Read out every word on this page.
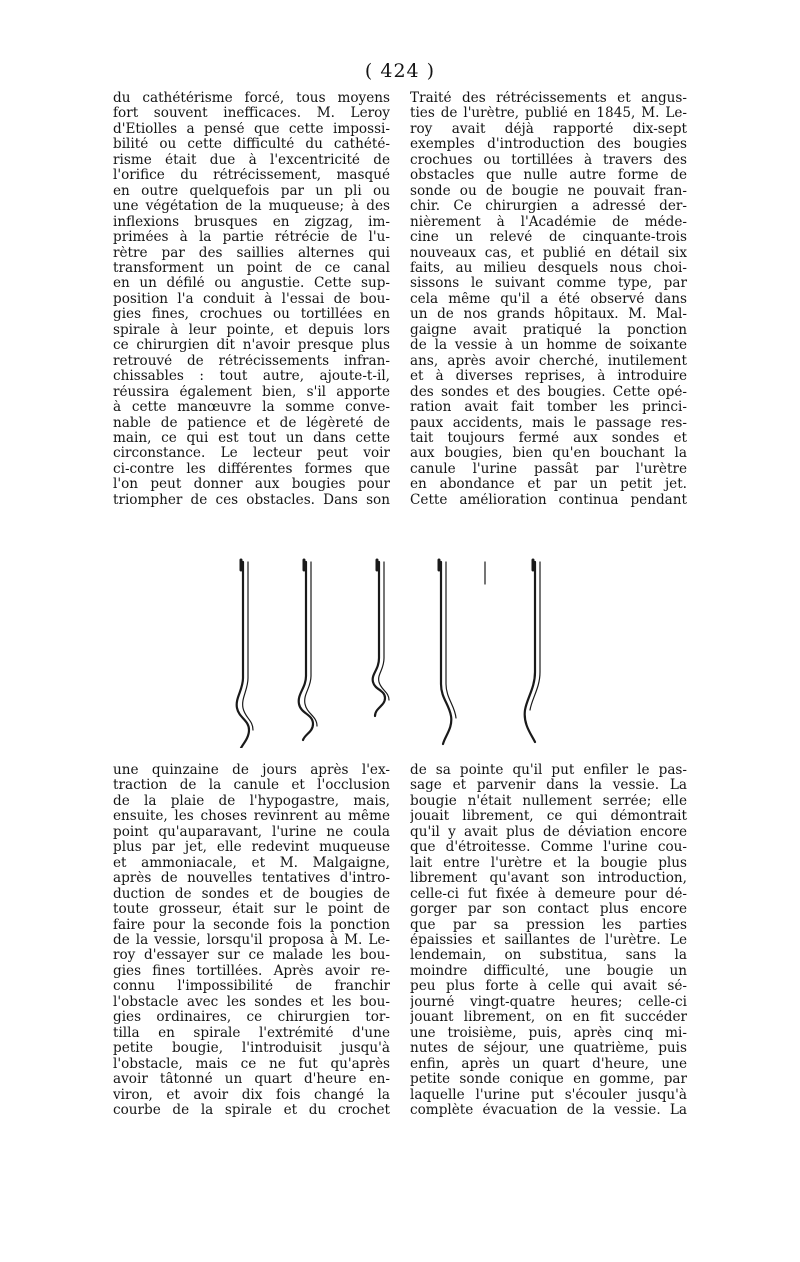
( 424 )
du cathétérisme forcé, tous moyens
fort souvent inefficaces. M. Leroy
d'Etiolles a pensé que cette impossi-
bilité ou cette difficulté du cathété-
risme était due à l'excentricité de
l'orifice du rétrécissement, masqué
en outre quelquefois par un pli ou
une végétation de la muqueuse; à des
inflexions brusques en zigzag, im-
primées à la partie rétrécie de l'u-
rètre par des saillies alternes qui
transforment un point de ce canal
en un défilé ou angustie. Cette sup-
position l'a conduit à l'essai de bou-
gies fines, crochues ou tortillées en
spirale à leur pointe, et depuis lors
ce chirurgien dit n'avoir presque plus
retrouvé de rétrécissements infran-
chissables : tout autre, ajoute-t-il,
réussira également bien, s'il apporte
à cette manœuvre la somme conve-
nable de patience et de légèreté de
main, ce qui est tout un dans cette
circonstance. Le lecteur peut voir
ci-contre les différentes formes que
l'on peut donner aux bougies pour
triompher de ces obstacles. Dans son
Traité des rétrécissements et angus-
ties de l'urètre, publié en 1845, M. Le-
roy avait déjà rapporté dix-sept
exemples d'introduction des bougies
crochues ou tortillées à travers des
obstacles que nulle autre forme de
sonde ou de bougie ne pouvait fran-
chir. Ce chirurgien a adressé der-
nièrement à l'Académie de méde-
cine un relevé de cinquante-trois
nouveaux cas, et publié en détail six
faits, au milieu desquels nous choi-
sissons le suivant comme type, par
cela même qu'il a été observé dans
un de nos grands hôpitaux. M. Mal-
gaigne avait pratiqué la ponction
de la vessie à un homme de soixante
ans, après avoir cherché, inutilement
et à diverses reprises, à introduire
des sondes et des bougies. Cette opé-
ration avait fait tomber les princi-
paux accidents, mais le passage res-
tait toujours fermé aux sondes et
aux bougies, bien qu'en bouchant la
canule l'urine passât par l'urètre
en abondance et par un petit jet.
Cette amélioration continua pendant
une quinzaine de jours après l'ex-
traction de la canule et l'occlusion
de la plaie de l'hypogastre, mais,
ensuite, les choses revinrent au même
point qu'auparavant, l'urine ne coula
plus par jet, elle redevint muqueuse
et ammoniacale, et M. Malgaigne,
après de nouvelles tentatives d'intro-
duction de sondes et de bougies de
toute grosseur, était sur le point de
faire pour la seconde fois la ponction
de la vessie, lorsqu'il proposa à M. Le-
roy d'essayer sur ce malade les bou-
gies fines tortillées. Après avoir re-
connu l'impossibilité de franchir
l'obstacle avec les sondes et les bou-
gies ordinaires, ce chirurgien tor-
tilla en spirale l'extrémité d'une
petite bougie, l'introduisit jusqu'à
l'obstacle, mais ce ne fut qu'après
avoir tâtonné un quart d'heure en-
viron, et avoir dix fois changé la
courbe de la spirale et du crochet
de sa pointe qu'il put enfiler le pas-
sage et parvenir dans la vessie. La
bougie n'était nullement serrée; elle
jouait librement, ce qui démontrait
qu'il y avait plus de déviation encore
que d'étroitesse. Comme l'urine cou-
lait entre l'urètre et la bougie plus
librement qu'avant son introduction,
celle-ci fut fixée à demeure pour dé-
gorger par son contact plus encore
que par sa pression les parties
épaissies et saillantes de l'urètre. Le
lendemain, on substitua, sans la
moindre difficulté, une bougie un
peu plus forte à celle qui avait sé-
journé vingt-quatre heures; celle-ci
jouant librement, on en fit succéder
une troisième, puis, après cinq mi-
nutes de séjour, une quatrième, puis
enfin, après un quart d'heure, une
petite sonde conique en gomme, par
laquelle l'urine put s'écouler jusqu'à
complète évacuation de la vessie. La
